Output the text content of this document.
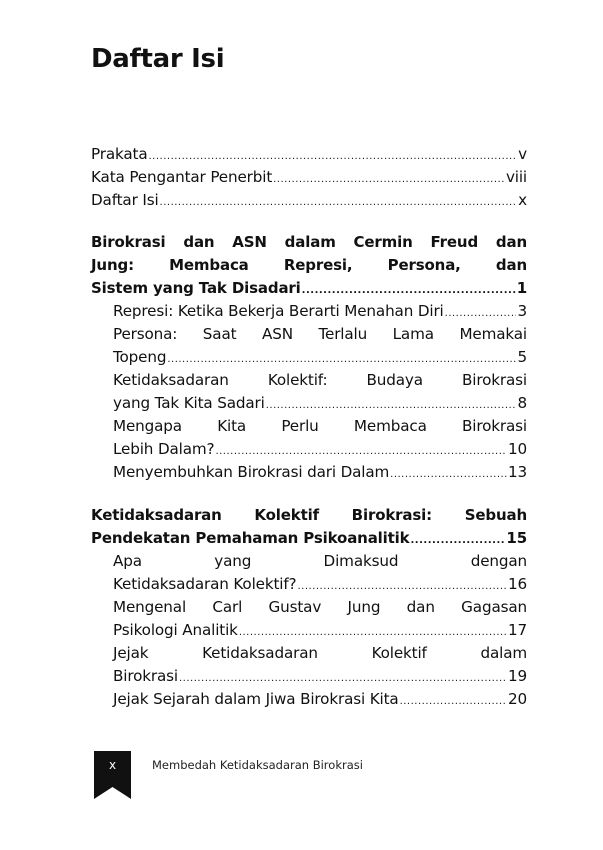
Daftar Isi
Prakata .....	v
Kata Pengantar Penerbit .....	viii
Daftar Isi .....	x
Birokrasi dan ASN dalam Cermin Freud dan
Jung: Membaca Represi, Persona, dan
Sistem yang Tak Disadari .....	1
Represi: Ketika Bekerja Berarti Menahan Diri .....	3
Persona: Saat ASN Terlalu Lama Memakai
Topeng .....	5
Ketidaksadaran Kolektif: Budaya Birokrasi
yang Tak Kita Sadari .....	8
Mengapa Kita Perlu Membaca Birokrasi
Lebih Dalam? .....	10
Menyembuhkan Birokrasi dari Dalam .....	13
Ketidaksadaran Kolektif Birokrasi: Sebuah
Pendekatan Pemahaman Psikoanalitik .....	15
Apa yang Dimaksud dengan
Ketidaksadaran Kolektif? .....	16
Mengenal Carl Gustav Jung dan Gagasan
Psikologi Analitik .....	17
Jejak Ketidaksadaran Kolektif dalam
Birokrasi .....	19
Jejak Sejarah dalam Jiwa Birokrasi Kita .....	20
x	Membedah Ketidaksadaran Birokrasi
